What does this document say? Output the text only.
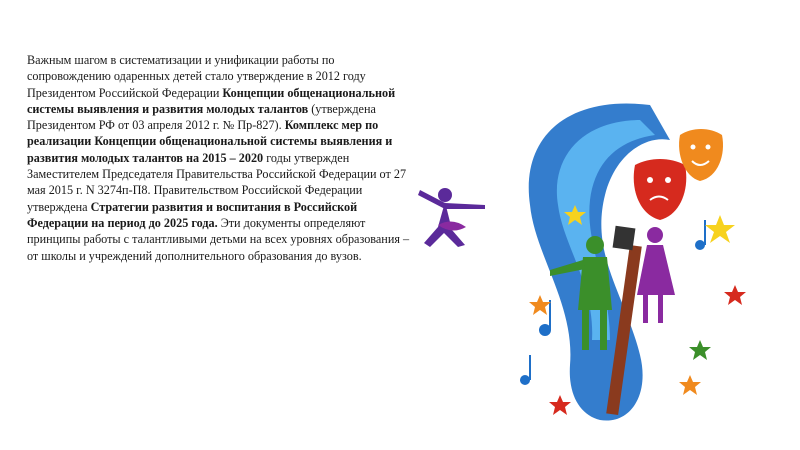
Важным шагом в систематизации и унификации работы по сопровождению одаренных детей стало утверждение в 2012 году Президентом Российской Федерации Концепции общенациональной системы выявления и развития молодых талантов (утверждена Президентом РФ от 03 апреля 2012 г. № Пр-827). Комплекс мер по реализации Концепции общенациональной системы выявления и развития молодых талантов на 2015 – 2020 годы утвержден Заместителем Председателя Правительства Российской Федерации от 27 мая 2015 г. N 3274п-П8. Правительством Российской Федерации утверждена Стратегии развития и воспитания в Российской Федерации на период до 2025 года. Эти документы определяют принципы работы с талантливыми детьми на всех уровнях образования – от школы и учреждений дополнительного образования до вузов.
